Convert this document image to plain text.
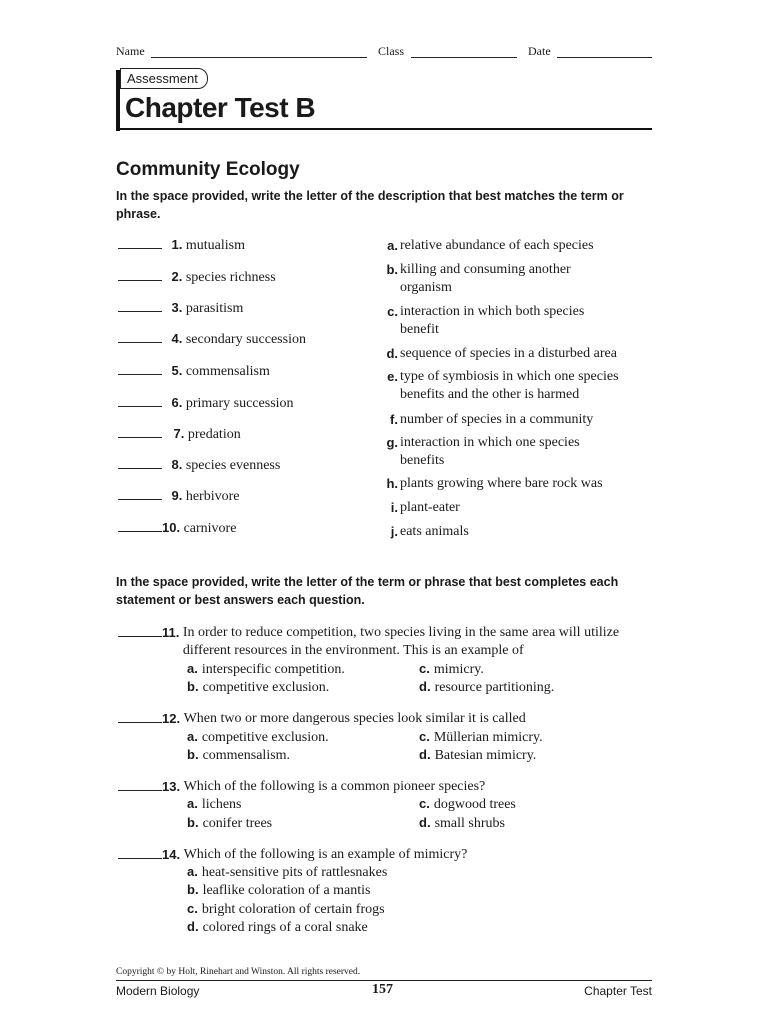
Name	Class	Date
Assessment
Chapter Test B
Community Ecology
In the space provided, write the letter of the description that best matches the term or phrase.
1. mutualism
2. species richness
3. parasitism
4. secondary succession
5. commensalism
6. primary succession
7. predation
8. species evenness
9. herbivore
10. carnivore
a. relative abundance of each species
b. killing and consuming another organism
c. interaction in which both species benefit
d. sequence of species in a disturbed area
e. type of symbiosis in which one species benefits and the other is harmed
f. number of species in a community
g. interaction in which one species benefits
h. plants growing where bare rock was
i. plant-eater
j. eats animals
In the space provided, write the letter of the term or phrase that best completes each statement or best answers each question.
11. In order to reduce competition, two species living in the same area will utilize different resources in the environment. This is an example of
a. interspecific competition.
b. competitive exclusion.
c. mimicry.
d. resource partitioning.
12. When two or more dangerous species look similar it is called
a. competitive exclusion.
b. commensalism.
c. Müllerian mimicry.
d. Batesian mimicry.
13. Which of the following is a common pioneer species?
a. lichens
b. conifer trees
c. dogwood trees
d. small shrubs
14. Which of the following is an example of mimicry?
a. heat-sensitive pits of rattlesnakes
b. leaflike coloration of a mantis
c. bright coloration of certain frogs
d. colored rings of a coral snake
Copyright © by Holt, Rinehart and Winston. All rights reserved.
Modern Biology	157	Chapter Test
